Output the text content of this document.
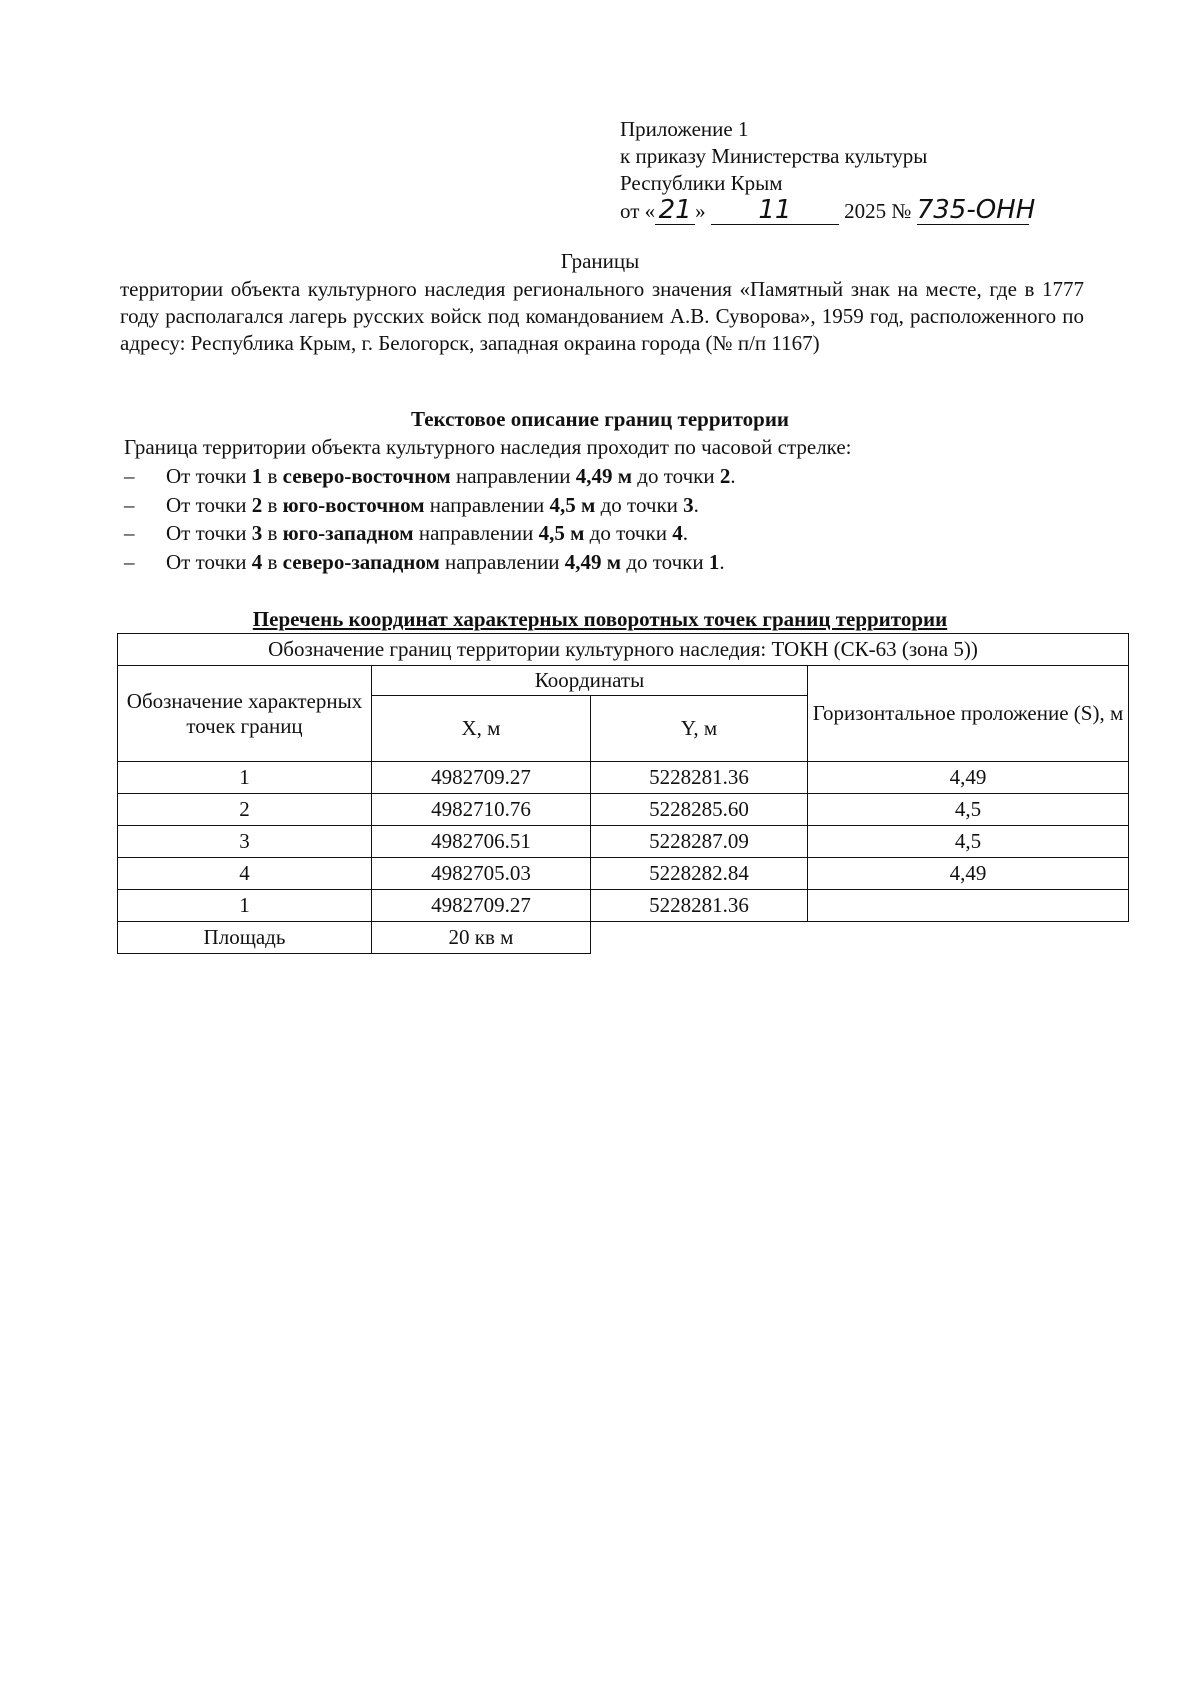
Приложение 1
к приказу Министерства культуры
Республики Крым
от « 21 » 11	2025 № 735-ОНН
Границы
территории объекта культурного наследия регионального значения «Памятный знак на месте, где в 1777 году располагался лагерь русских войск под командованием А.В. Суворова», 1959 год, расположенного по адресу: Республика Крым, г. Белогорск, западная окраина города (№ п/п 1167)
Текстовое описание границ территории
Граница территории объекта культурного наследия проходит по часовой стрелке:
– От точки 1 в северо-восточном направлении 4,49 м до точки 2.
– От точки 2 в юго-восточном направлении 4,5 м до точки 3.
– От точки 3 в юго-западном направлении 4,5 м до точки 4.
– От точки 4 в северо-западном направлении 4,49 м до точки 1.
Перечень координат характерных поворотных точек границ территории
Обозначение границ территории культурного наследия: ТОКН (СК-63 (зона 5))			
Обозначение характерных точек границ	Координаты		Горизонтальное проложение (S), м
	X, м	Y, м	
1	4982709.27	5228281.36	4,49
2	4982710.76	5228285.60	4,5
3	4982706.51	5228287.09	4,5
4	4982705.03	5228282.84	4,49
1	4982709.27	5228281.36	
Площадь	20 кв м		
